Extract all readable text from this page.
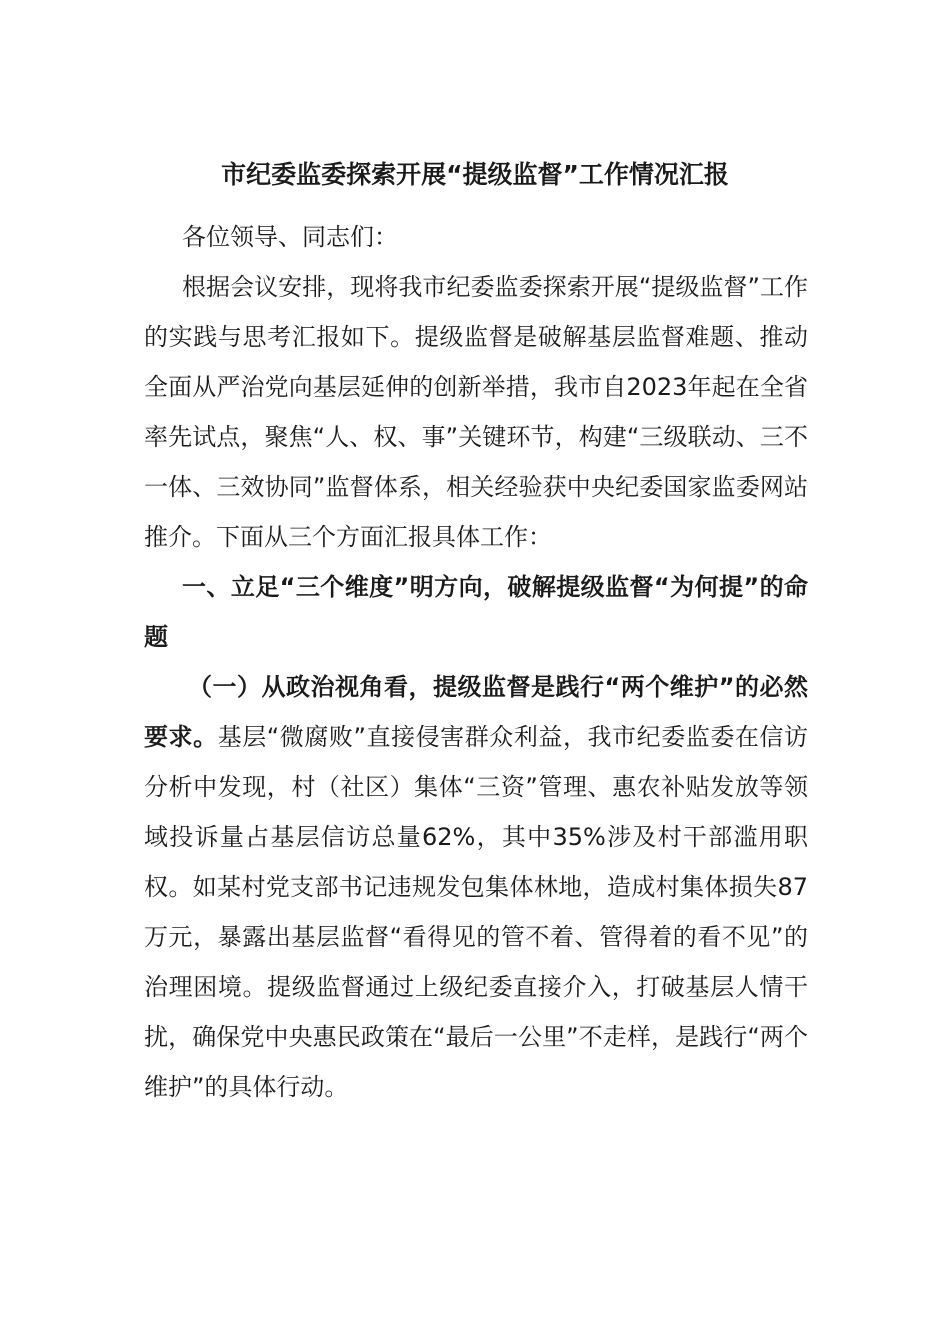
市纪委监委探索开展“提级监督”工作情况汇报

各位领导、同志们：

根据会议安排，现将我市纪委监委探索开展“提级监督”工作的实践与思考汇报如下。提级监督是破解基层监督难题、推动全面从严治党向基层延伸的创新举措，我市自2023年起在全省率先试点，聚焦“人、权、事”关键环节，构建“三级联动、三不一体、三效协同”监督体系，相关经验获中央纪委国家监委网站推介。下面从三个方面汇报具体工作：

一、立足“三个维度”明方向，破解提级监督“为何提”的命题

（一）从政治视角看，提级监督是践行“两个维护”的必然要求。基层“微腐败”直接侵害群众利益，我市纪委监委在信访分析中发现，村（社区）集体“三资”管理、惠农补贴发放等领域投诉量占基层信访总量62%，其中35%涉及村干部滥用职权。如某村党支部书记违规发包集体林地，造成村集体损失87万元，暴露出基层监督“看得见的管不着、管得着的看不见”的治理困境。提级监督通过上级纪委直接介入，打破基层人情干扰，确保党中央惠民政策在“最后一公里”不走样，是践行“两个维护”的具体行动。
